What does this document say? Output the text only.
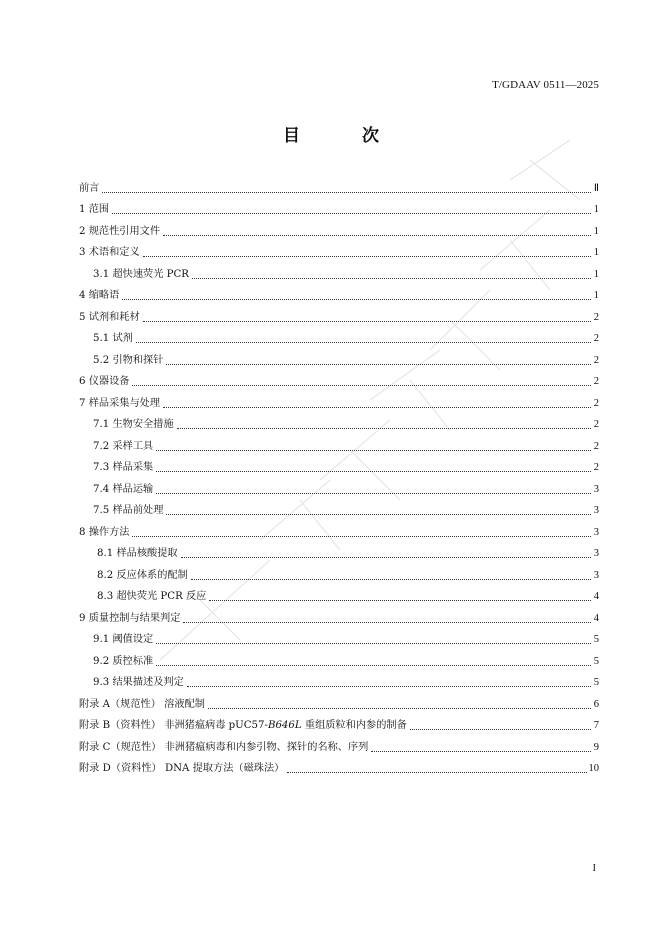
T/GDAAV 0511—2025
目 次
前言	Ⅱ
1 范围	1
2 规范性引用文件	1
3 术语和定义	1
3.1 超快速荧光 PCR	1
4 缩略语	1
5 试剂和耗材	2
5.1 试剂	2
5.2 引物和探针	2
6 仪器设备	2
7 样品采集与处理	2
7.1 生物安全措施	2
7.2 采样工具	2
7.3 样品采集	2
7.4 样品运输	3
7.5 样品前处理	3
8 操作方法	3
8.1 样品核酸提取	3
8.2 反应体系的配制	3
8.3 超快荧光 PCR 反应	4
9 质量控制与结果判定	4
9.1 阈值设定	5
9.2 质控标准	5
9.3 结果描述及判定	5
附录 A（规范性） 溶液配制	6
附录 B（资料性） 非洲猪瘟病毒 pUC57-B646L 重组质粒和内参的制备	7
附录 C（规范性） 非洲猪瘟病毒和内参引物、探针的名称、序列	9
附录 D（资料性） DNA 提取方法（磁珠法）	10
I
